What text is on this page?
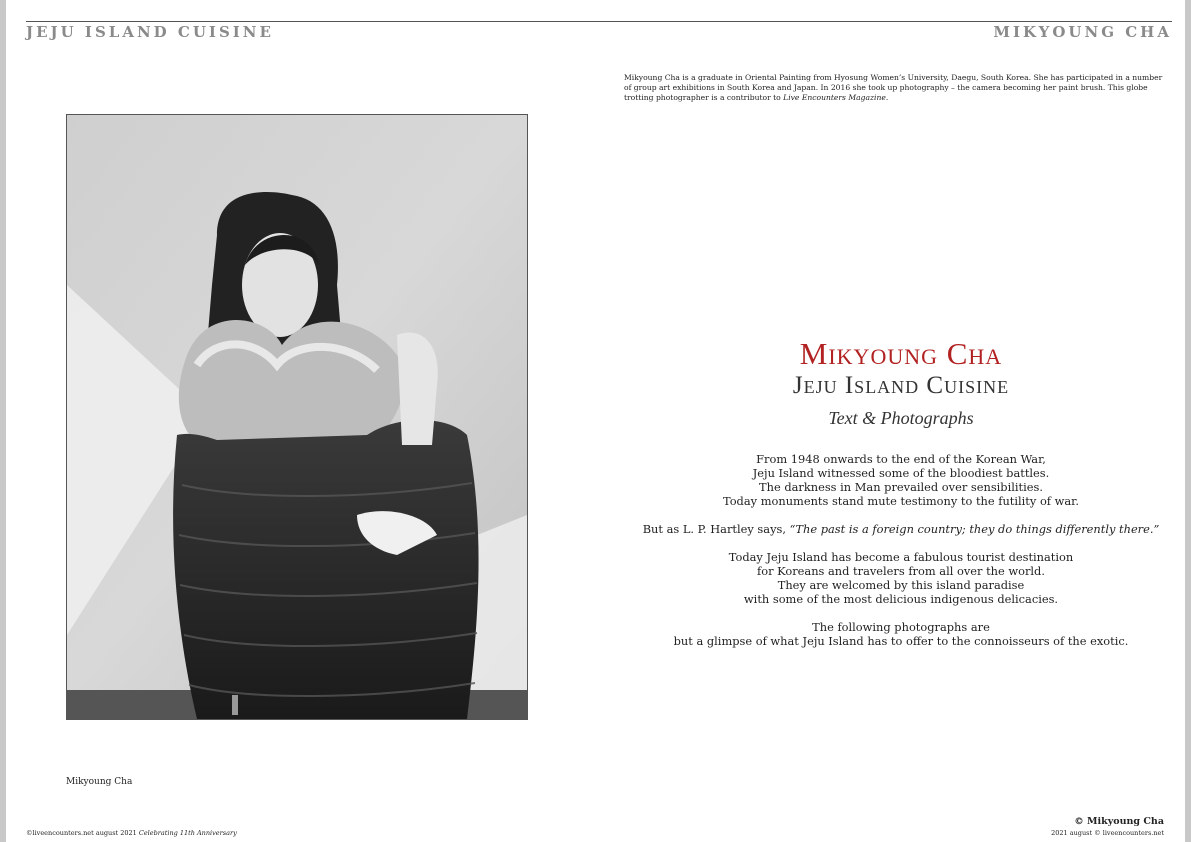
JEJU ISLAND CUISINE	MIKYOUNG CHA
Mikyoung Cha is a graduate in Oriental Painting from Hyosung Women’s University, Daegu, South Korea. She has participated in a number of group art exhibitions in South Korea and Japan. In 2016 she took up photography – the camera becoming her paint brush. This globe trotting photographer is a contributor to Live Encounters Magazine.
Mikyoung Cha
Mikyoung Cha
Jeju Island Cuisine
Text & Photographs

From 1948 onwards to the end of the Korean War,
Jeju Island witnessed some of the bloodiest battles.
The darkness in Man prevailed over sensibilities.
Today monuments stand mute testimony to the futility of war.

But as L. P. Hartley says, “The past is a foreign country; they do things differently there.”

Today Jeju Island has become a fabulous tourist destination
for Koreans and travelers from all over the world.
They are welcomed by this island paradise
with some of the most delicious indigenous delicacies.

The following photographs are
but a glimpse of what Jeju Island has to offer to the connoisseurs of the exotic.

©liveencounters.net august 2021 Celebrating 11th Anniversary
© Mikyoung Cha
2021 august © liveencounters.net
